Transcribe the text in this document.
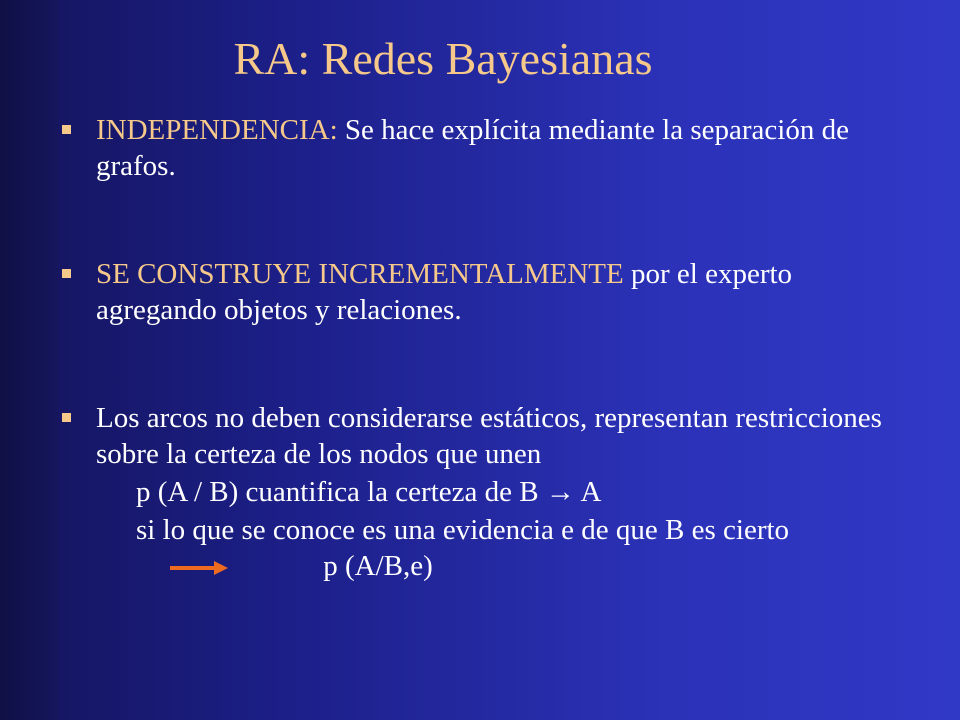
RA: Redes Bayesianas
INDEPENDENCIA: Se hace explícita mediante la separación de grafos.
SE CONSTRUYE INCREMENTALMENTE por el experto agregando objetos y relaciones.
Los arcos no deben considerarse estáticos, representan restricciones sobre la certeza de los nodos que unen
p (A / B) cuantifica la certeza de B → A
si lo que se conoce es una evidencia e de que B es cierto  p (A/B,e)
